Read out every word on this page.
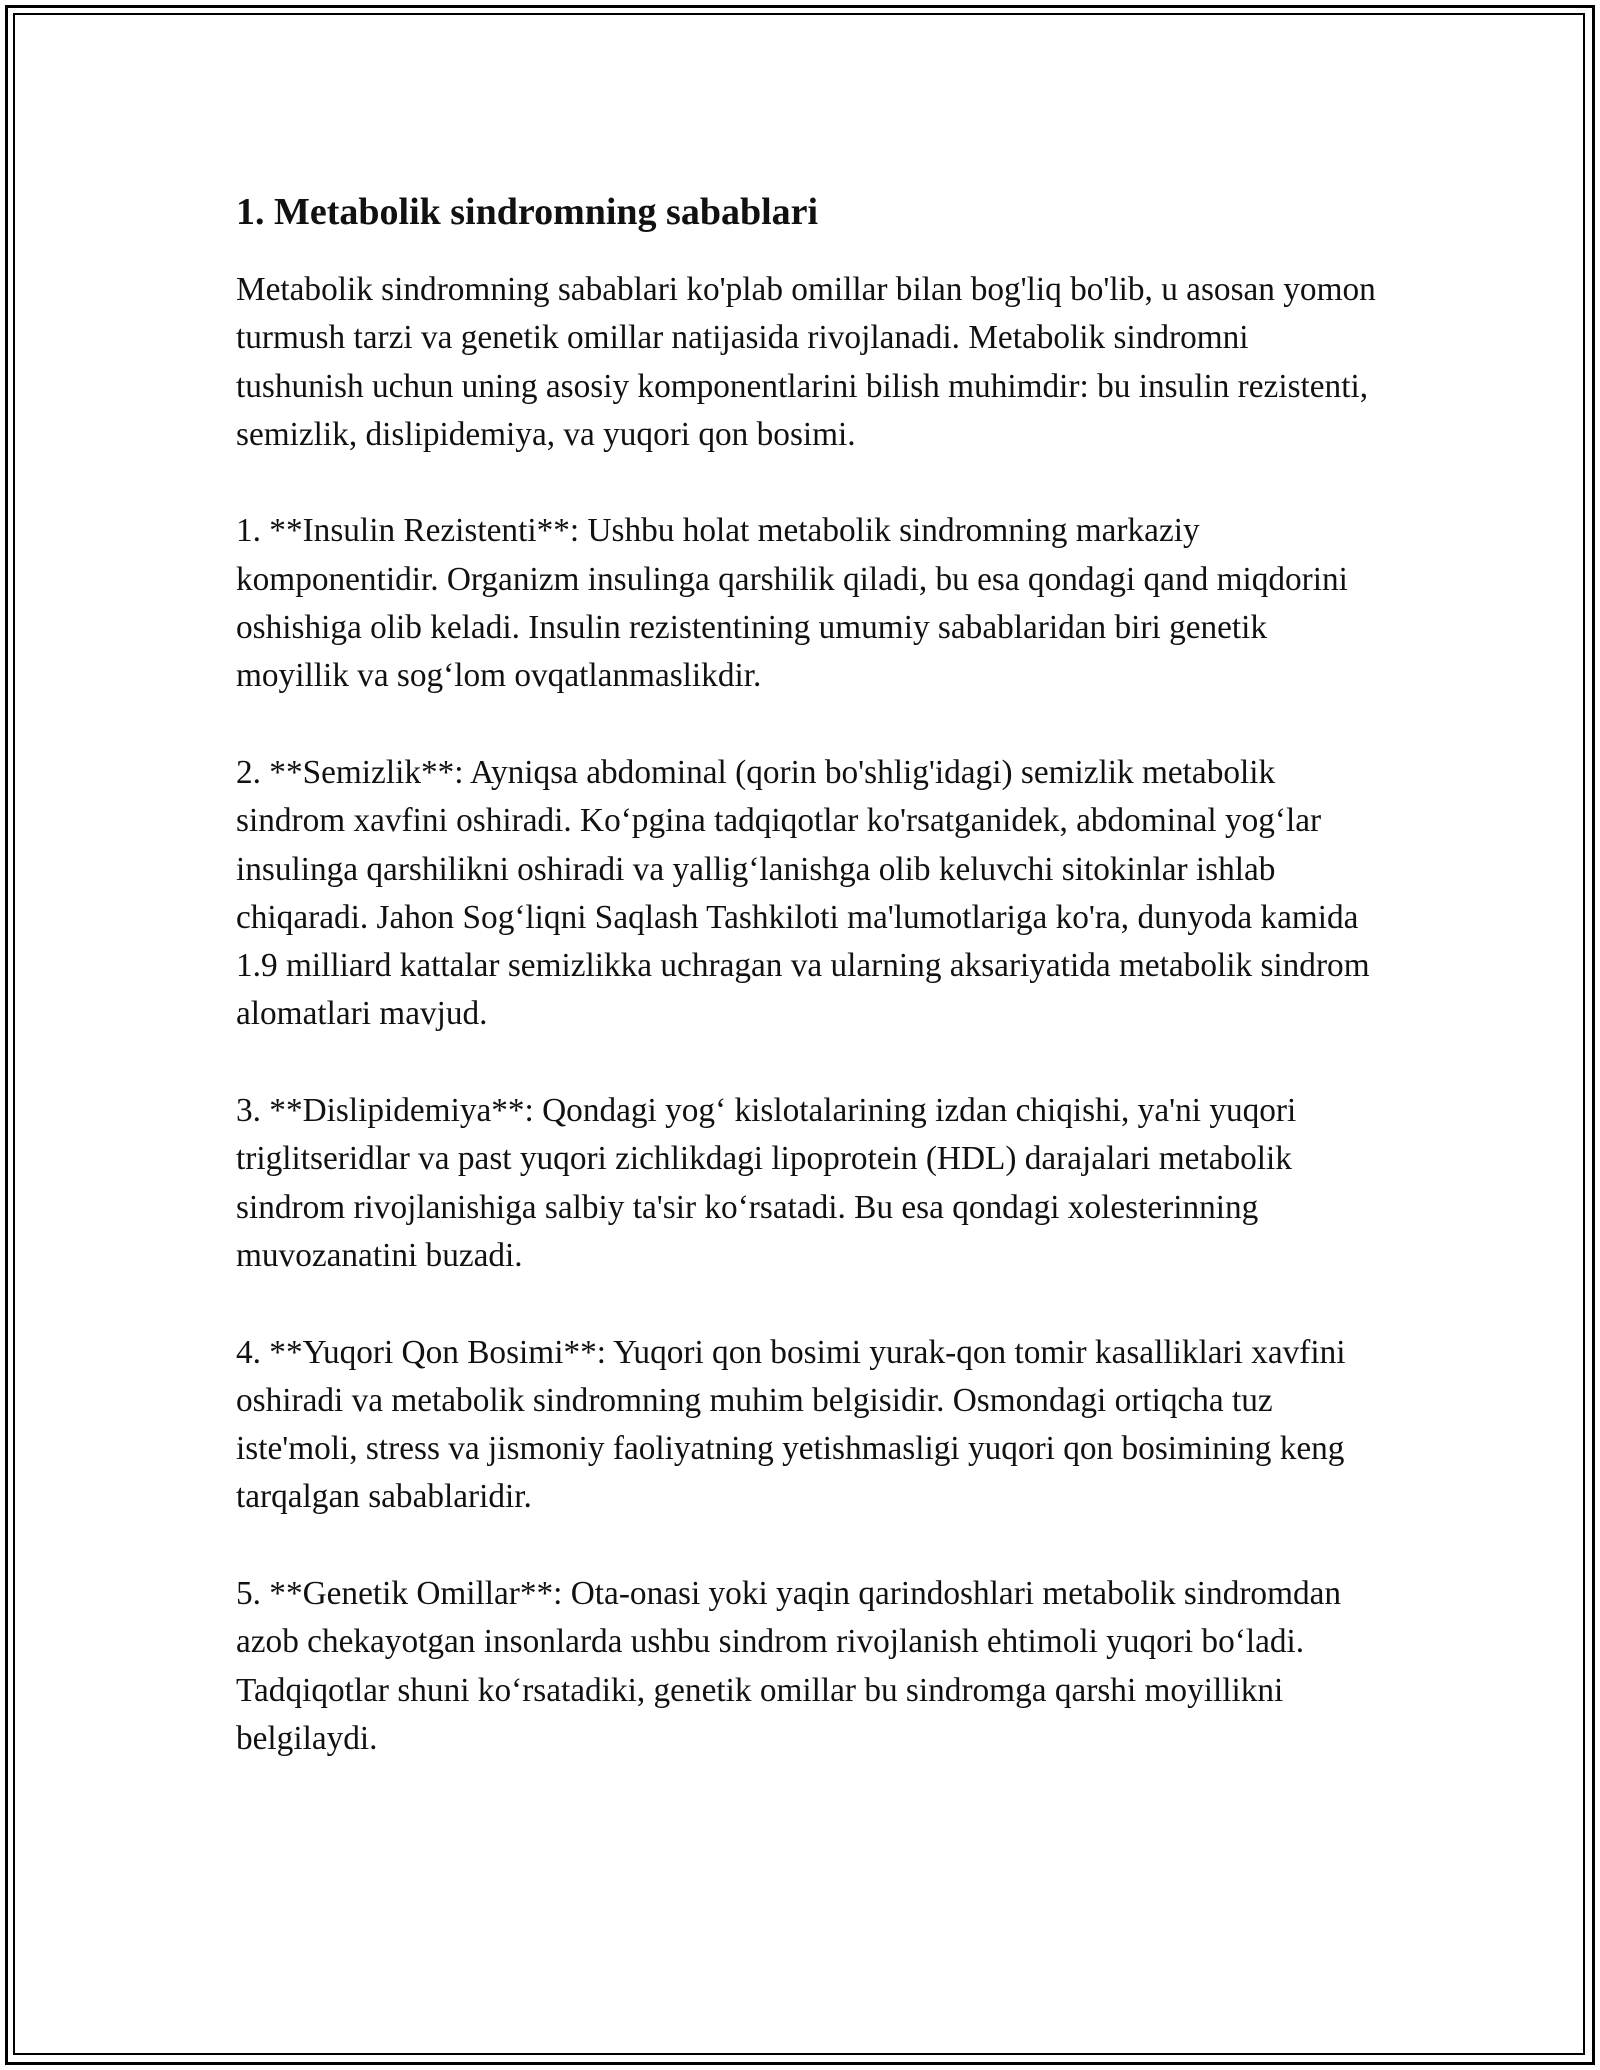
1. Metabolik sindromning sabablari

Metabolik sindromning sabablari ko'plab omillar bilan bog'liq bo'lib, u asosan yomon turmush tarzi va genetik omillar natijasida rivojlanadi. Metabolik sindromni tushunish uchun uning asosiy komponentlarini bilish muhimdir: bu insulin rezistenti, semizlik, dislipidemiya, va yuqori qon bosimi.

1. **Insulin Rezistenti**: Ushbu holat metabolik sindromning markaziy komponentidir. Organizm insulinga qarshilik qiladi, bu esa qondagi qand miqdorini oshishiga olib keladi. Insulin rezistentining umumiy sabablaridan biri genetik moyillik va sog‘lom ovqatlanmaslikdir.

2. **Semizlik**: Ayniqsa abdominal (qorin bo'shlig'idagi) semizlik metabolik sindrom xavfini oshiradi. Ko‘pgina tadqiqotlar ko'rsatganidek, abdominal yog‘lar insulinga qarshilikni oshiradi va yallig‘lanishga olib keluvchi sitokinlar ishlab chiqaradi. Jahon Sog‘liqni Saqlash Tashkiloti ma'lumotlariga ko'ra, dunyoda kamida 1.9 milliard kattalar semizlikka uchragan va ularning aksariyatida metabolik sindrom alomatlari mavjud.

3. **Dislipidemiya**: Qondagi yog‘ kislotalarining izdan chiqishi, ya'ni yuqori triglitseridlar va past yuqori zichlikdagi lipoprotein (HDL) darajalari metabolik sindrom rivojlanishiga salbiy ta'sir ko‘rsatadi. Bu esa qondagi xolesterinning muvozanatini buzadi.

4. **Yuqori Qon Bosimi**: Yuqori qon bosimi yurak-qon tomir kasalliklari xavfini oshiradi va metabolik sindromning muhim belgisidir. Osmondagi ortiqcha tuz iste'moli, stress va jismoniy faoliyatning yetishmasligi yuqori qon bosimining keng tarqalgan sabablaridir.

5. **Genetik Omillar**: Ota-onasi yoki yaqin qarindoshlari metabolik sindromdan azob chekayotgan insonlarda ushbu sindrom rivojlanish ehtimoli yuqori bo‘ladi. Tadqiqotlar shuni ko‘rsatadiki, genetik omillar bu sindromga qarshi moyillikni belgilaydi.
